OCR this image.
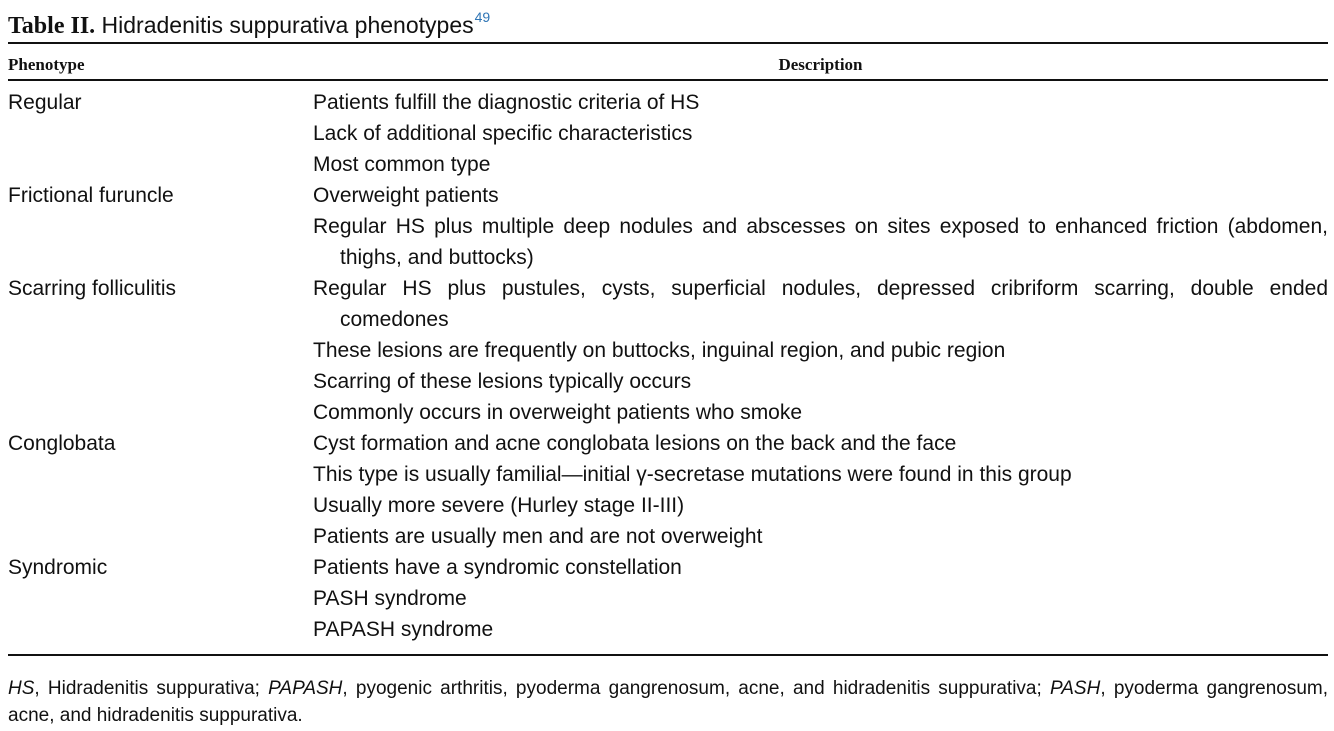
Table II. Hidradenitis suppurativa phenotypes$^{49}$
Phenotype	Description
Regular	Patients fulfill the diagnostic criteria of HS
Lack of additional specific characteristics
Most common type
Frictional furuncle	Overweight patients
Regular HS plus multiple deep nodules and abscesses on sites exposed to enhanced friction (abdomen, thighs, and buttocks)
Scarring folliculitis	Regular HS plus pustules, cysts, superficial nodules, depressed cribriform scarring, double ended comedones
These lesions are frequently on buttocks, inguinal region, and pubic region
Scarring of these lesions typically occurs
Commonly occurs in overweight patients who smoke
Conglobata	Cyst formation and acne conglobata lesions on the back and the face
This type is usually familial—initial γ-secretase mutations were found in this group
Usually more severe (Hurley stage II-III)
Patients are usually men and are not overweight
Syndromic	Patients have a syndromic constellation
PASH syndrome
PAPASH syndrome
HS, Hidradenitis suppurativa; PAPASH, pyogenic arthritis, pyoderma gangrenosum, acne, and hidradenitis suppurativa; PASH, pyoderma gangrenosum, acne, and hidradenitis suppurativa.
